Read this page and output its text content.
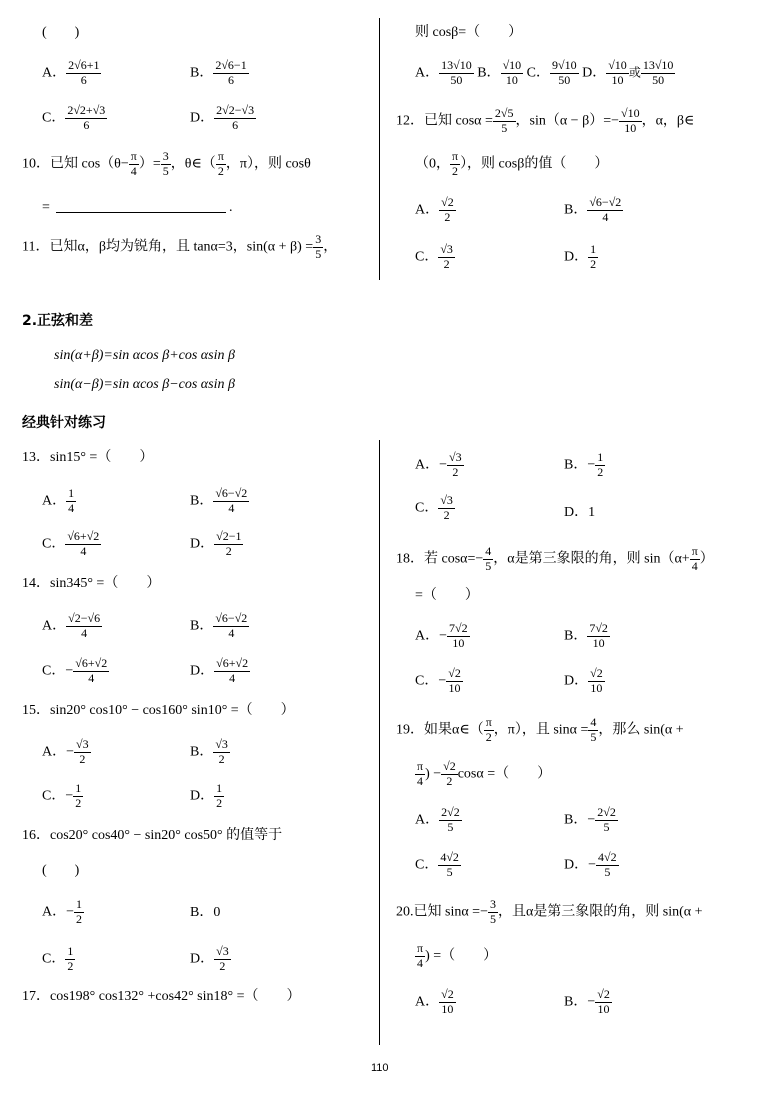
(　　)
A． $\frac{2√6+1}{6}$	B． $\frac{2√6-1}{6}$
C． $\frac{2√2+√3}{6}$	D． $\frac{2√2-√3}{6}$
10．已知 $\cos(\theta- \frac{\pi}{4}$ ）= $\frac{3}{5}$ ，θ∈（ $\frac{\pi}{2}$ ，π），则 cosθ
=	.
11．已知α，β均为锐角，且 tanα=3，$\sin(\alpha + \beta) = \frac{3}{5}$ ，
则 cosβ=（　　）
A． $\frac{13√10}{50}$ B． $\frac{√10}{10}$ C． $\frac{9√10}{50}$ D． $\frac{√10}{10}$ 或 $\frac{13√10}{50}$
12．已知 $\cos\alpha = \frac{2√5}{5}$ ，$\sin(\alpha - \beta)=- \frac{√10}{10}$ ，α，β∈
（0， $\frac{\pi}{2}$ ），则 cosβ的值（　　）
A． $\frac{√2}{2}$	B． $\frac{√6-√2}{4}$
C． $\frac{√3}{2}$	D． $\frac{1}{2}$
2.正弦和差
sin(α+β)=sin αcos β+cos αsin β
sin(α−β)=sin αcos β−cos αsin β
经典针对练习
13．sin15° =（　　）
A． $\frac{1}{4}$	B． $\frac{√6-√2}{4}$
C． $\frac{√6+√2}{4}$	D． $\frac{√2-1}{2}$
14．sin345° =（　　）
A． $\frac{√2-√6}{4}$	B． $\frac{√6-√2}{4}$
C．− $\frac{√6+√2}{4}$	D． $\frac{√6+√2}{4}$
15．sin20° cos10° − cos160° sin10° =（　　）
A．− $\frac{√3}{2}$	B． $\frac{√3}{2}$
C．− $\frac{1}{2}$	D． $\frac{1}{2}$
16．cos20° cos40° − sin20° cos50° 的值等于
(　　)
A．− $\frac{1}{2}$	B．0
C． $\frac{1}{2}$	D． $\frac{√3}{2}$
17．cos198° cos132° +cos42° sin18° =（　　）
A．− $\frac{√3}{2}$	B．− $\frac{1}{2}$
C． $\frac{√3}{2}$	D．1
18．若 $\cos\alpha=- \frac{4}{5}$ ，α是第三象限的角，则 $\sin(\alpha+ \frac{\pi}{4}$ ）
=（　　）
A．− $\frac{7√2}{10}$	B． $\frac{7√2}{10}$
C．− $\frac{√2}{10}$	D． $\frac{√2}{10}$
19．如果α∈（ $\frac{\pi}{2}$ ，π），且 $\sin\alpha = \frac{4}{5}$ ，那么 sin(α +
$\frac{\pi}{4}$ ) − $\frac{√2}{2}$ cosα =（　　）
A． $\frac{2√2}{5}$	B．− $\frac{2√2}{5}$
C． $\frac{4√2}{5}$	D．− $\frac{4√2}{5}$
20.已知 $\sin\alpha =- \frac{3}{5}$ ，且α是第三象限的角，则 sin(α +
$\frac{\pi}{4}$ ) =（　　）
A． $\frac{√2}{10}$	B．− $\frac{√2}{10}$
110
